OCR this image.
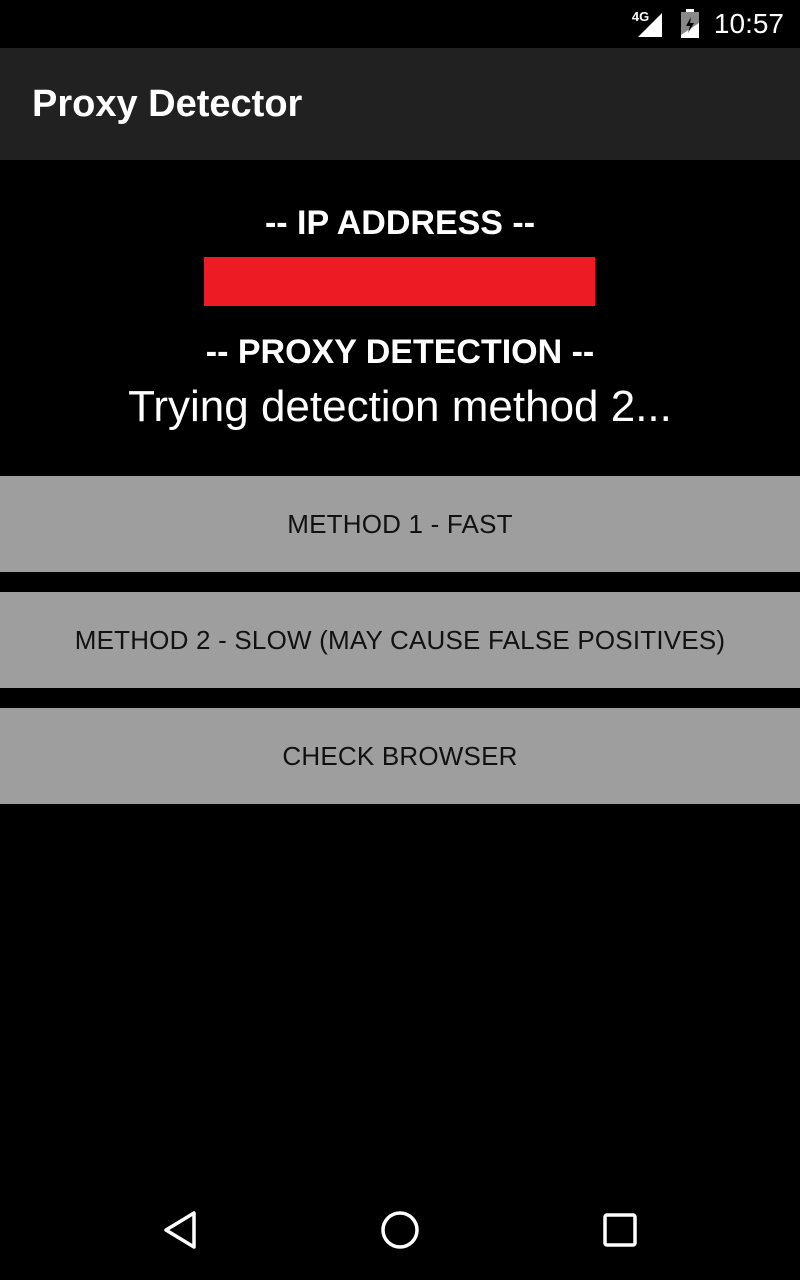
4G 10:57
Proxy Detector
-- IP ADDRESS --
-- PROXY DETECTION --
Trying detection method 2...
METHOD 1 - FAST
METHOD 2 - SLOW (MAY CAUSE FALSE POSITIVES)
CHECK BROWSER
